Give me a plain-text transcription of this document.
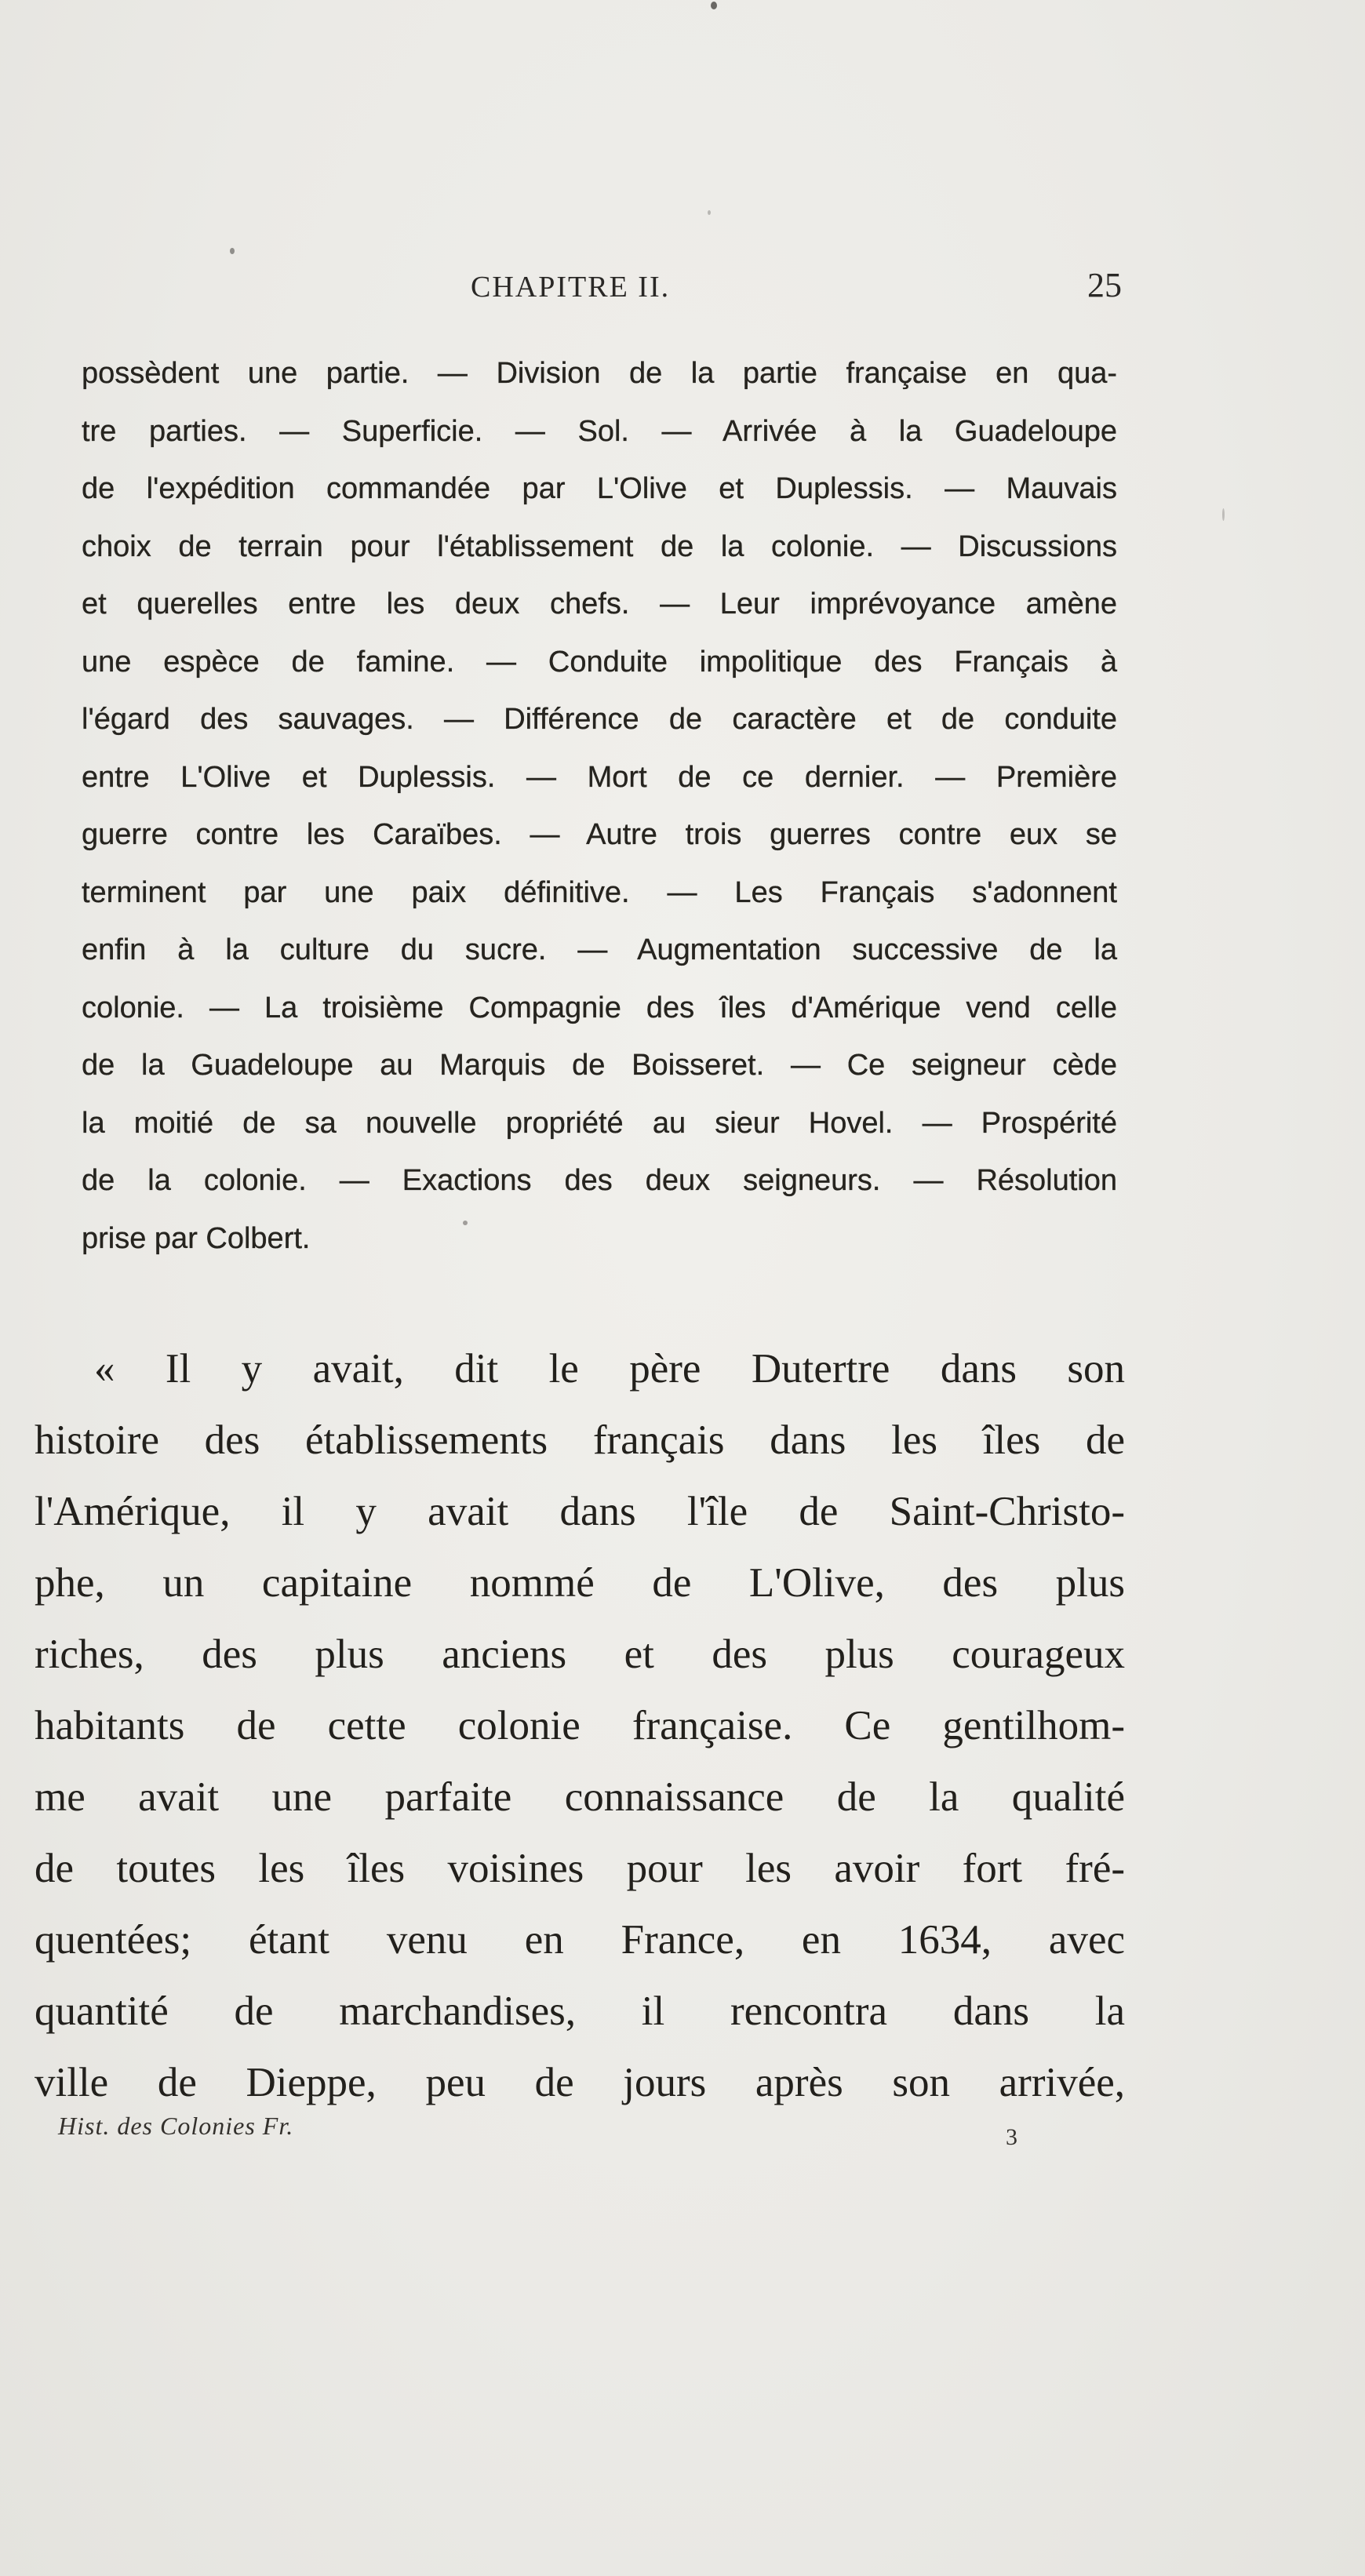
CHAPITRE II.	25
possèdent une partie. — Division de la partie française en qua-
tre parties. — Superficie. — Sol. — Arrivée à la Guadeloupe
de l'expédition commandée par L'Olive et Duplessis. — Mauvais
choix de terrain pour l'établissement de la colonie. — Discussions
et querelles entre les deux chefs. — Leur imprévoyance amène
une espèce de famine. — Conduite impolitique des Français à
l'égard des sauvages. — Différence de caractère et de conduite
entre L'Olive et Duplessis. — Mort de ce dernier. — Première
guerre contre les Caraïbes. — Autre trois guerres contre eux se
terminent par une paix définitive. — Les Français s'adonnent
enfin à la culture du sucre. — Augmentation successive de la
colonie. — La troisième Compagnie des îles d'Amérique vend celle
de la Guadeloupe au Marquis de Boisseret. — Ce seigneur cède
la moitié de sa nouvelle propriété au sieur Hovel. — Prospérité
de la colonie. — Exactions des deux seigneurs. — Résolution
prise par Colbert.
« Il y avait, dit le père Dutertre dans son
histoire des établissements français dans les îles de
l'Amérique, il y avait dans l'île de Saint-Christo-
phe, un capitaine nommé de L'Olive, des plus
riches, des plus anciens et des plus courageux
habitants de cette colonie française. Ce gentilhom-
me avait une parfaite connaissance de la qualité
de toutes les îles voisines pour les avoir fort fré-
quentées; étant venu en France, en 1634, avec
quantité de marchandises, il rencontra dans la
ville de Dieppe, peu de jours après son arrivée,
Hist. des Colonies Fr.	3
